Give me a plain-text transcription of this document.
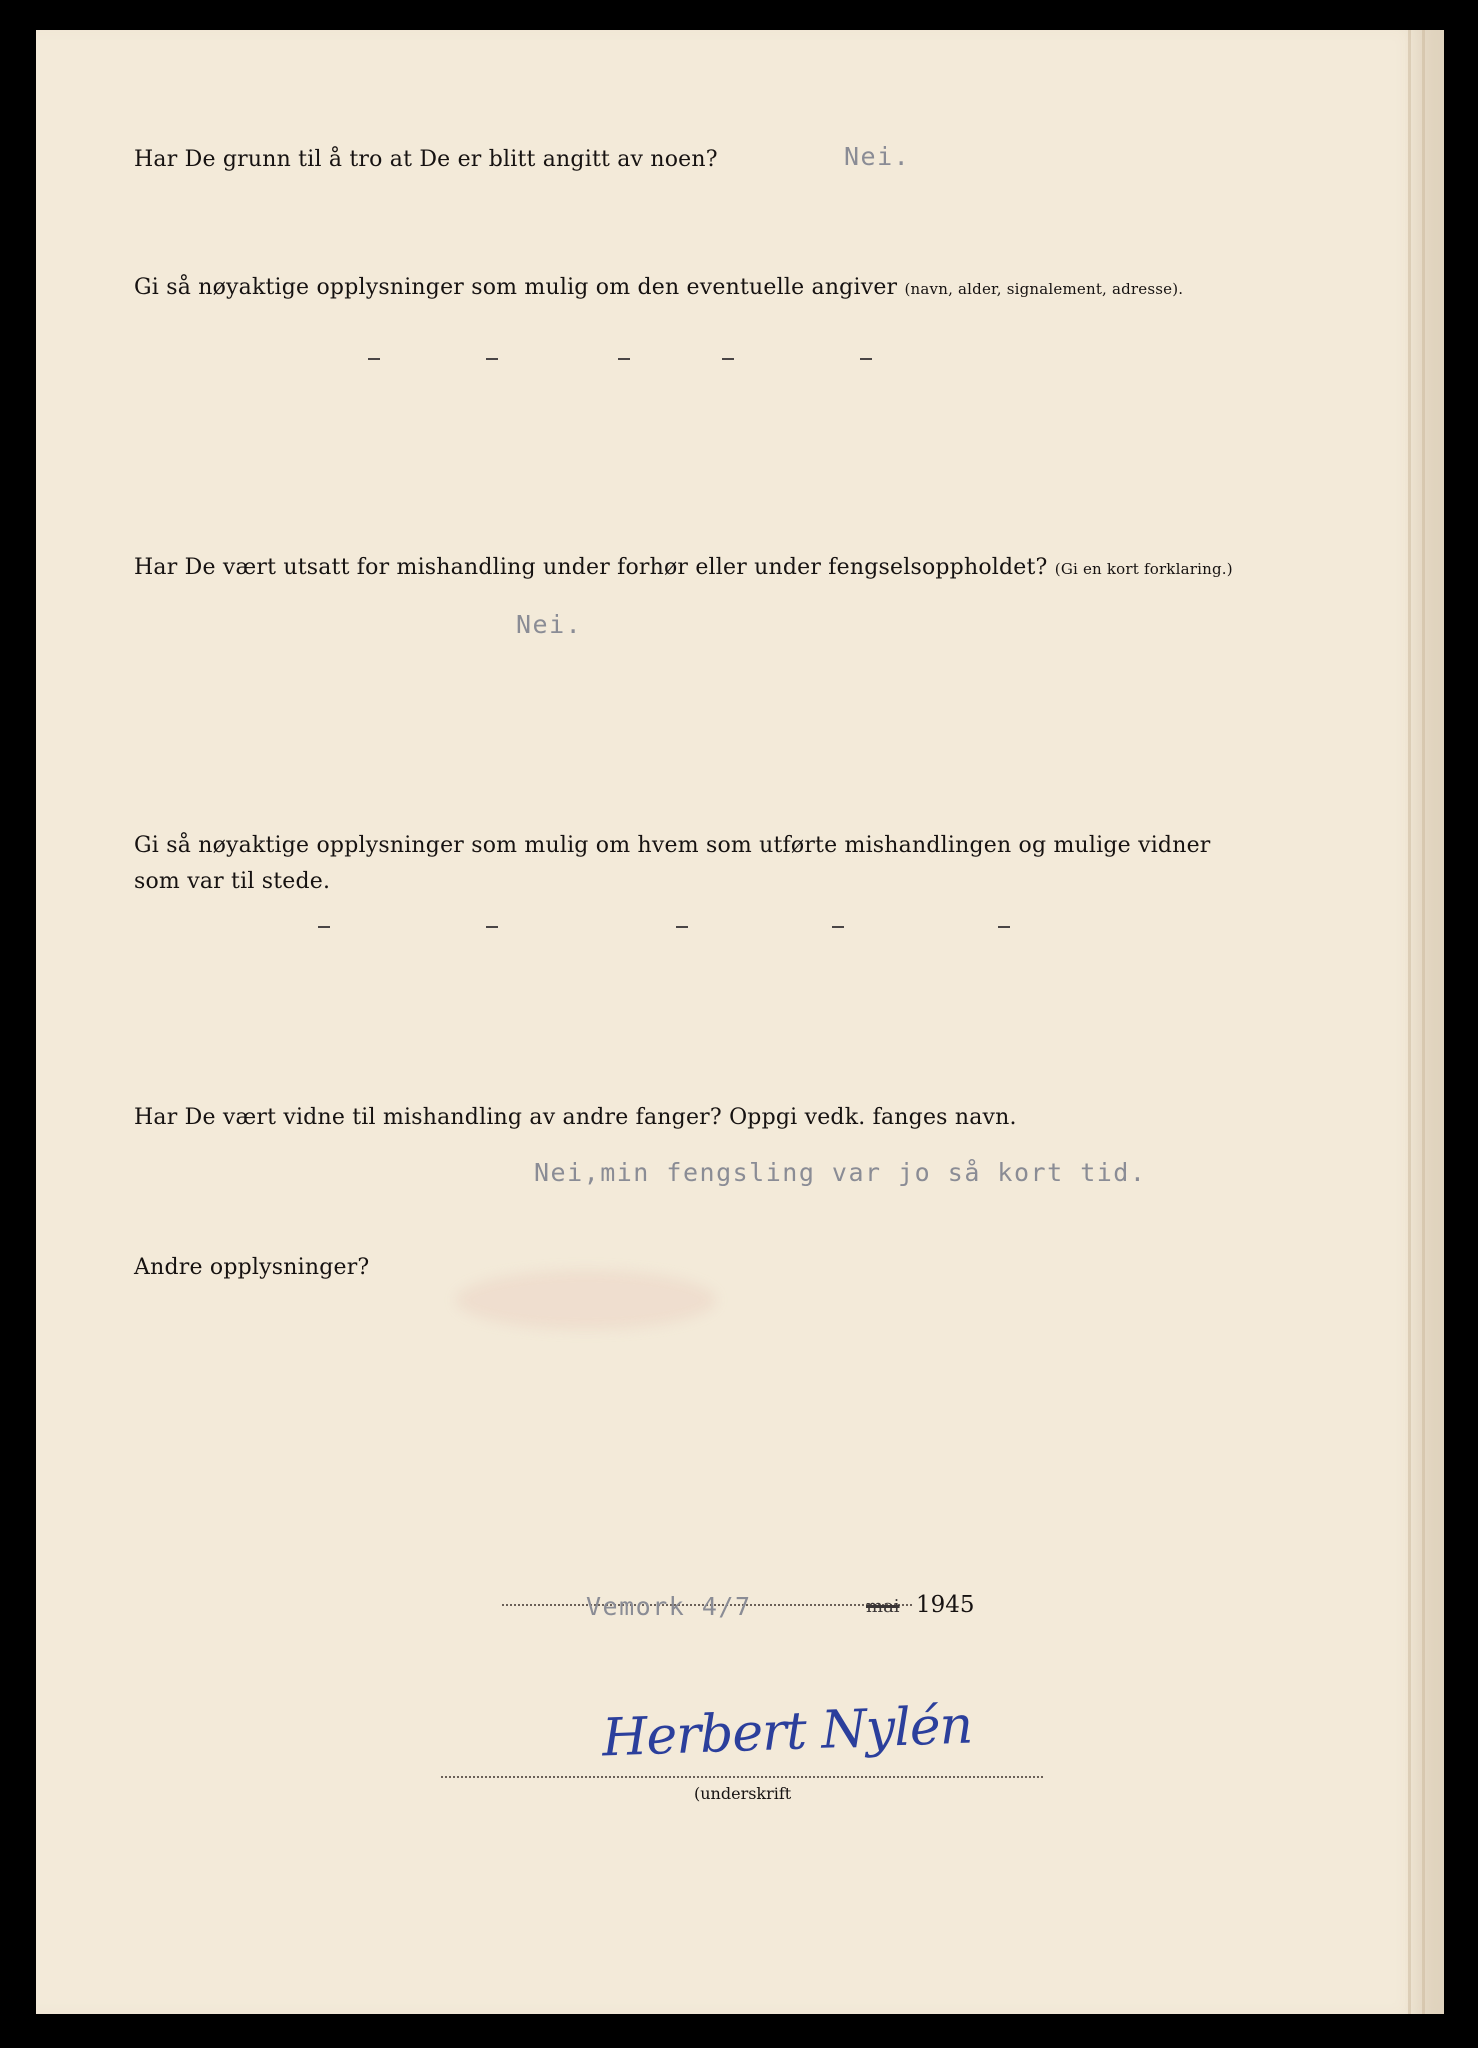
Har De grunn til å tro at De er blitt angitt av noen?	Nei.

Gi så nøyaktige opplysninger som mulig om den eventuelle angiver (navn, alder, signalement, adresse).

Har De vært utsatt for mishandling under forhør eller under fengselsoppholdet? (Gi en kort forklaring.)

Nei.

Gi så nøyaktige opplysninger som mulig om hvem som utførte mishandlingen og mulige vidner

som var til stede.

Har De vært vidne til mishandling av andre fanger? Oppgi vedk. fanges navn.

Nei,min fengsling var jo så kort tid.

Andre opplysninger?

Vemork 4/7	mai 1945
Herbert Nylén
(underskrift
